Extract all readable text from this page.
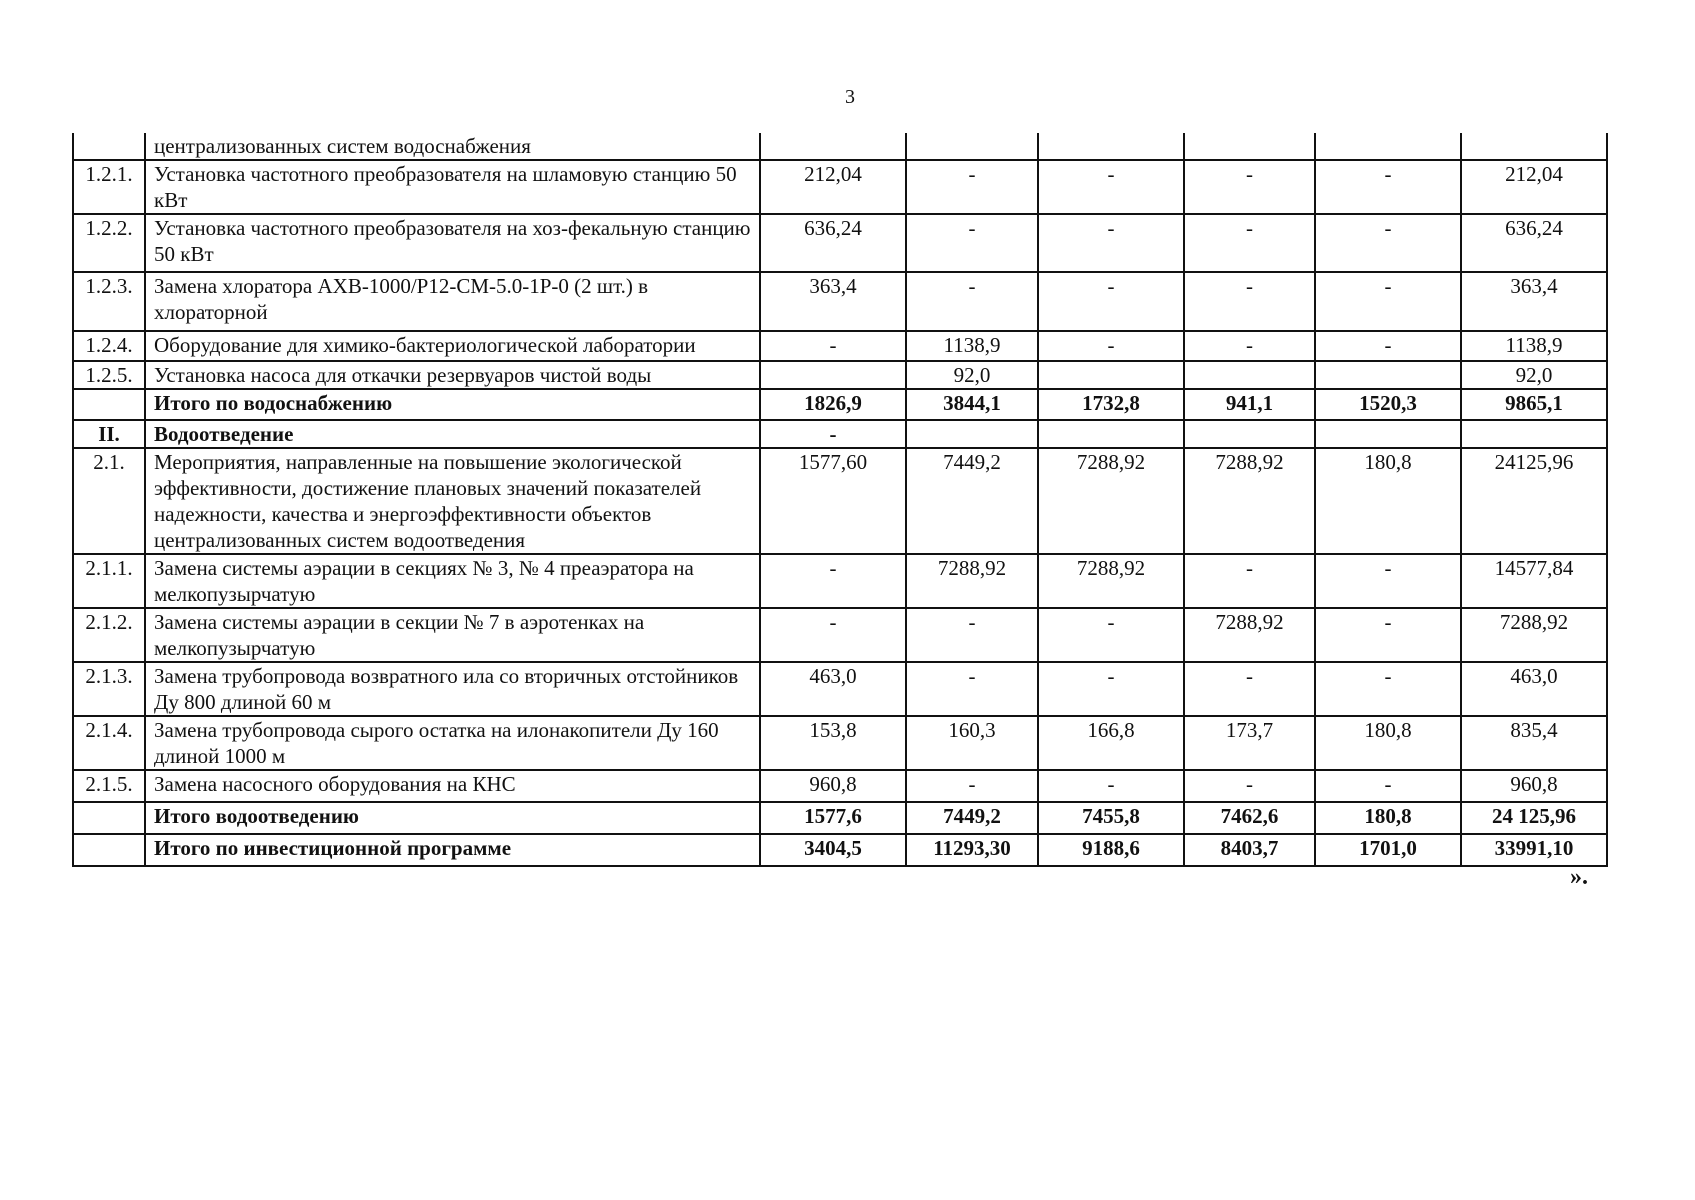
3
	централизованных систем водоснабжения						
1.2.1.	Установка частотного преобразователя на шламовую станцию 50 кВт	212,04	-	-	-	-	212,04
1.2.2.	Установка частотного преобразователя на хоз-фекальную станцию 50 кВт	636,24	-	-	-	-	636,24
1.2.3.	Замена хлоратора АХВ-1000/Р12-СМ-5.0-1Р-0 (2 шт.) в хлораторной	363,4	-	-	-	-	363,4
1.2.4.	Оборудование для химико-бактериологической лаборатории	-	1138,9	-	-	-	1138,9
1.2.5.	Установка насоса для откачки резервуаров чистой воды		92,0				92,0
	Итого по водоснабжению	1826,9	3844,1	1732,8	941,1	1520,3	9865,1
II.	Водоотведение	-					
2.1.	Мероприятия, направленные на повышение экологической эффективности, достижение плановых значений показателей надежности, качества и энергоэффективности объектов централизованных систем водоотведения	1577,60	7449,2	7288,92	7288,92	180,8	24125,96
2.1.1.	Замена системы аэрации в секциях № 3, № 4 преаэратора на мелкопузырчатую	-	7288,92	7288,92	-	-	14577,84
2.1.2.	Замена системы аэрации в секции № 7 в аэротенках на мелкопузырчатую	-	-	-	7288,92	-	7288,92
2.1.3.	Замена трубопровода возвратного ила со вторичных отстойников Ду 800 длиной 60 м	463,0	-	-	-	-	463,0
2.1.4.	Замена трубопровода сырого остатка на илонакопители Ду 160 длиной 1000 м	153,8	160,3	166,8	173,7	180,8	835,4
2.1.5.	Замена насосного оборудования на КНС	960,8	-	-	-	-	960,8
	Итого водоотведению	1577,6	7449,2	7455,8	7462,6	180,8	24 125,96
	Итого по инвестиционной программе	3404,5	11293,30	9188,6	8403,7	1701,0	33991,10
».
